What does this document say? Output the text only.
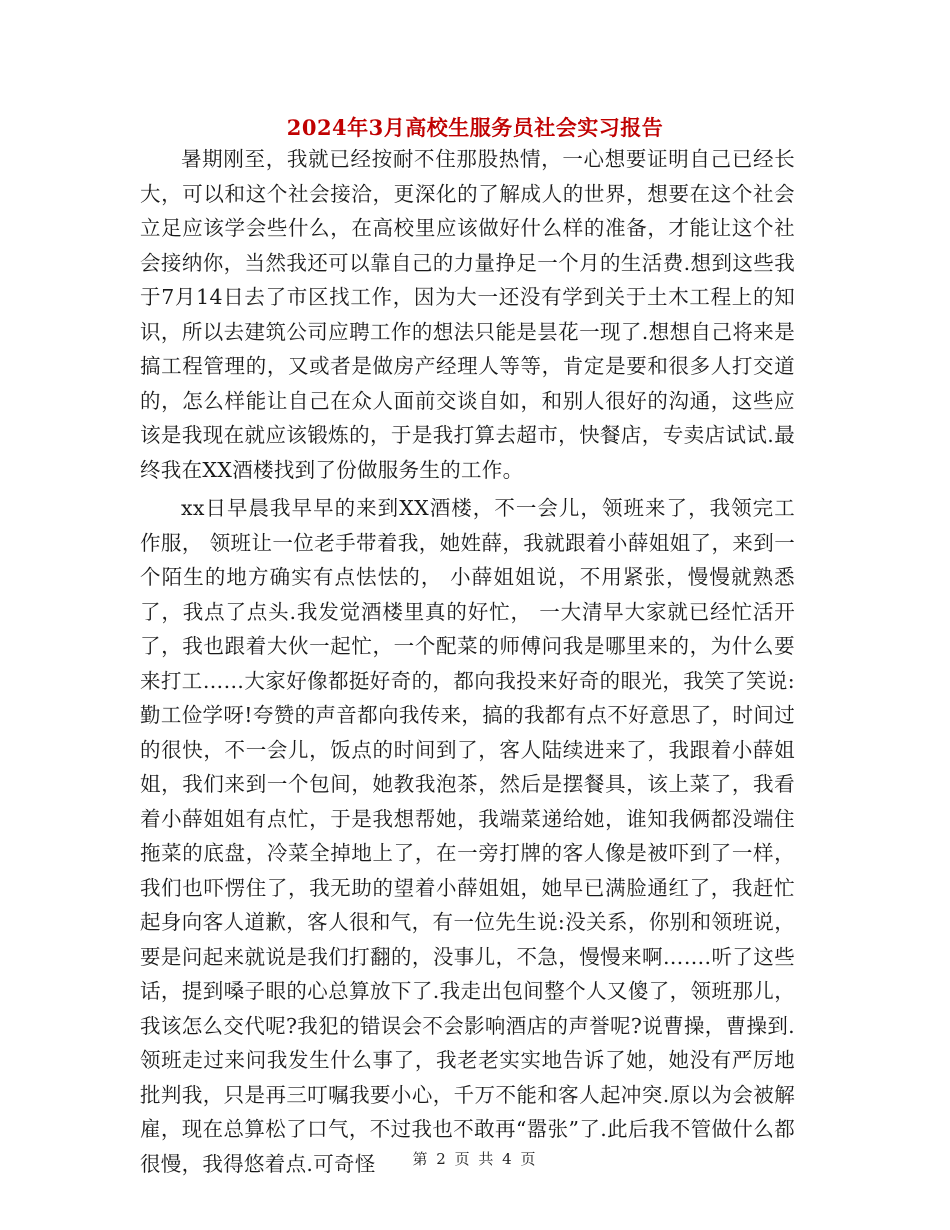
2024年3月高校生服务员社会实习报告

暑期刚至，我就已经按耐不住那股热情，一心想要证明自己已经长大，可以和这个社会接洽，更深化的了解成人的世界，想要在这个社会立足应该学会些什么，在高校里应该做好什么样的准备，才能让这个社会接纳你，当然我还可以靠自己的力量挣足一个月的生活费.想到这些我于7月14日去了市区找工作，因为大一还没有学到关于土木工程上的知识，所以去建筑公司应聘工作的想法只能是昙花一现了.想想自己将来是搞工程管理的，又或者是做房产经理人等等，肯定是要和很多人打交道的，怎么样能让自己在众人面前交谈自如，和别人很好的沟通，这些应该是我现在就应该锻炼的，于是我打算去超市，快餐店，专卖店试试.最终我在XX酒楼找到了份做服务生的工作。

xx日早晨我早早的来到XX酒楼，不一会儿，领班来了，我领完工作服， 领班让一位老手带着我，她姓薛，我就跟着小薛姐姐了，来到一个陌生的地方确实有点怯怯的， 小薛姐姐说，不用紧张，慢慢就熟悉了，我点了点头.我发觉酒楼里真的好忙， 一大清早大家就已经忙活开了，我也跟着大伙一起忙，一个配菜的师傅问我是哪里来的，为什么要来打工……大家好像都挺好奇的，都向我投来好奇的眼光，我笑了笑说:勤工俭学呀!夸赞的声音都向我传来，搞的我都有点不好意思了，时间过的很快，不一会儿，饭点的时间到了，客人陆续进来了，我跟着小薛姐姐，我们来到一个包间，她教我泡茶，然后是摆餐具，该上菜了，我看着小薛姐姐有点忙，于是我想帮她，我端菜递给她，谁知我俩都没端住拖菜的底盘，冷菜全掉地上了，在一旁打牌的客人像是被吓到了一样，我们也吓愣住了，我无助的望着小薛姐姐，她早已满脸通红了，我赶忙起身向客人道歉，客人很和气，有一位先生说:没关系，你别和领班说，要是问起来就说是我们打翻的，没事儿，不急，慢慢来啊…….听了这些话，提到嗓子眼的心总算放下了.我走出包间整个人又傻了，领班那儿，我该怎么交代呢?我犯的错误会不会影响酒店的声誉呢?说曹操，曹操到. 领班走过来问我发生什么事了，我老老实实地告诉了她，她没有严厉地批判我，只是再三叮嘱我要小心，千万不能和客人起冲突.原以为会被解雇，现在总算松了口气，不过我也不敢再“嚣张”了.此后我不管做什么都很慢，我得悠着点.可奇怪	第 2 页 共 4 页
